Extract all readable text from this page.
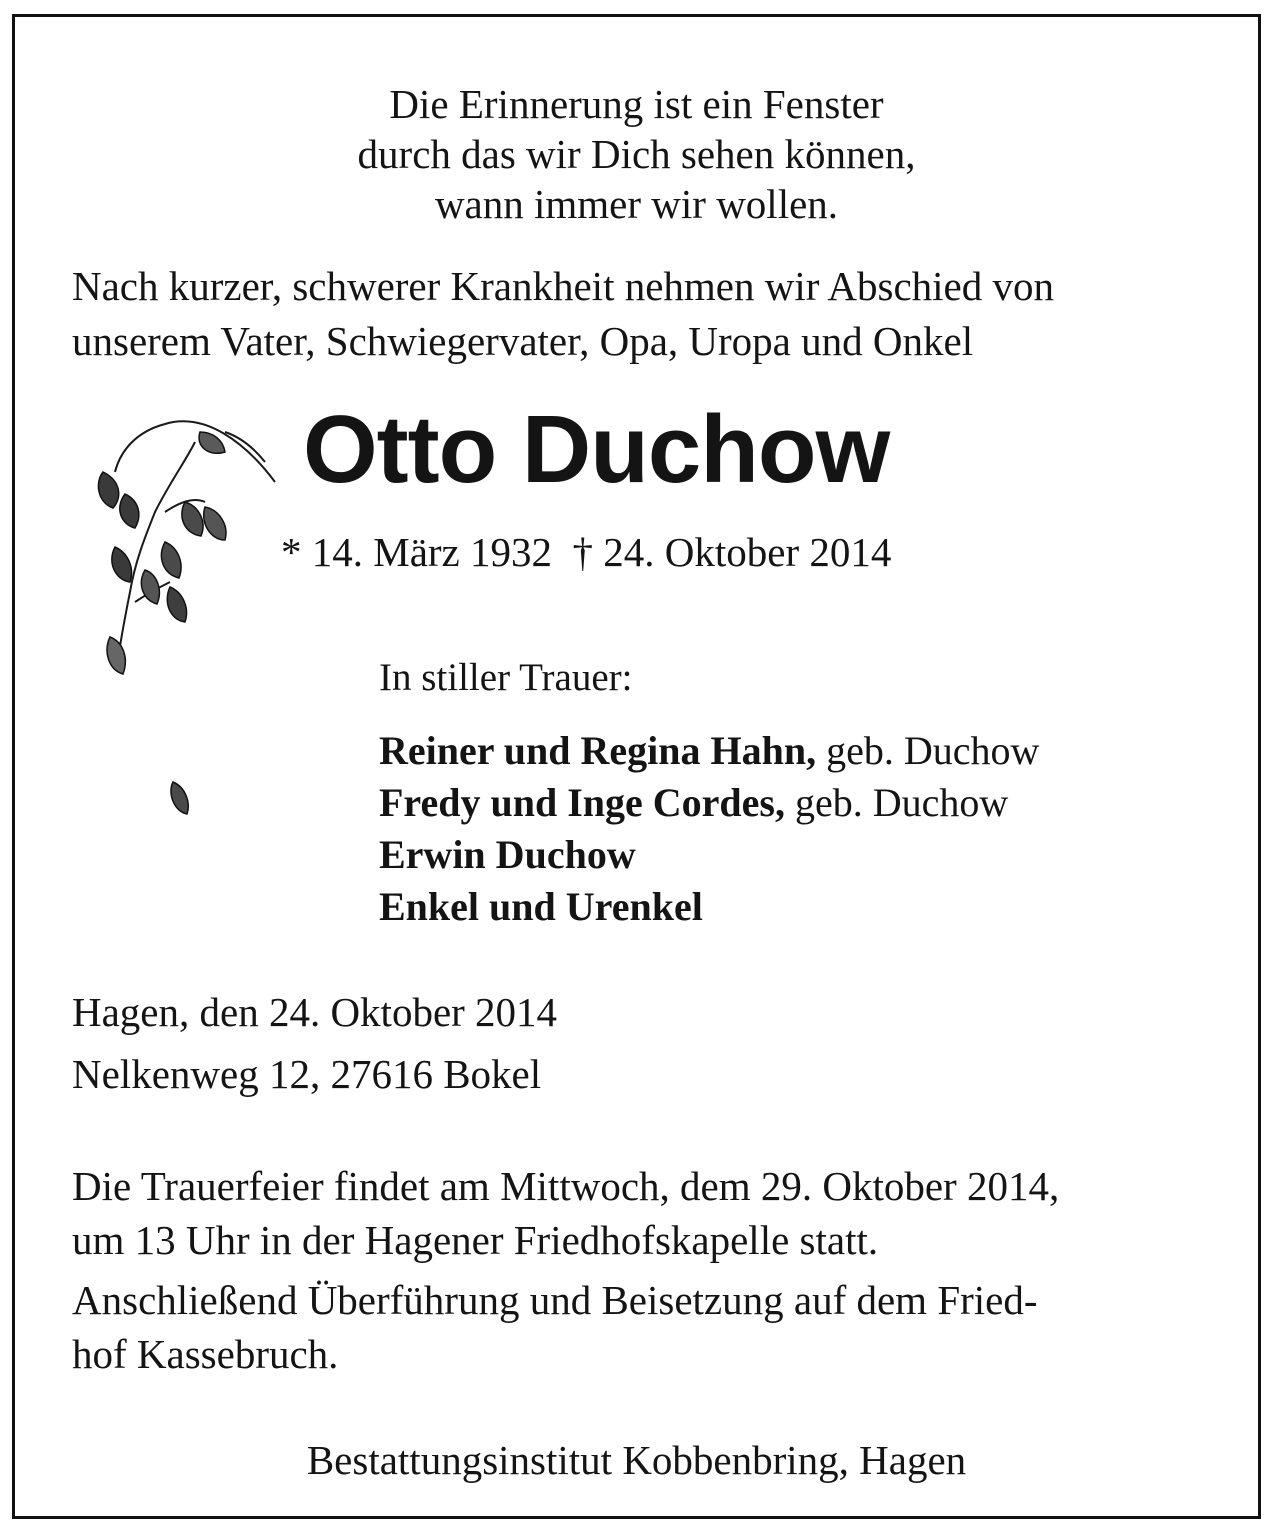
Die Erinnerung ist ein Fenster
durch das wir Dich sehen können,
wann immer wir wollen.
Nach kurzer, schwerer Krankheit nehmen wir Abschied von
unserem Vater, Schwiegervater, Opa, Uropa und Onkel
Otto Duchow
* 14. März 1932 † 24. Oktober 2014
In stiller Trauer:
Reiner und Regina Hahn, geb. Duchow
Fredy und Inge Cordes, geb. Duchow
Erwin Duchow
Enkel und Urenkel
Hagen, den 24. Oktober 2014
Nelkenweg 12, 27616 Bokel
Die Trauerfeier findet am Mittwoch, dem 29. Oktober 2014,
um 13 Uhr in der Hagener Friedhofskapelle statt.
Anschließend Überführung und Beisetzung auf dem Fried-
hof Kassebruch.
Bestattungsinstitut Kobbenbring, Hagen
